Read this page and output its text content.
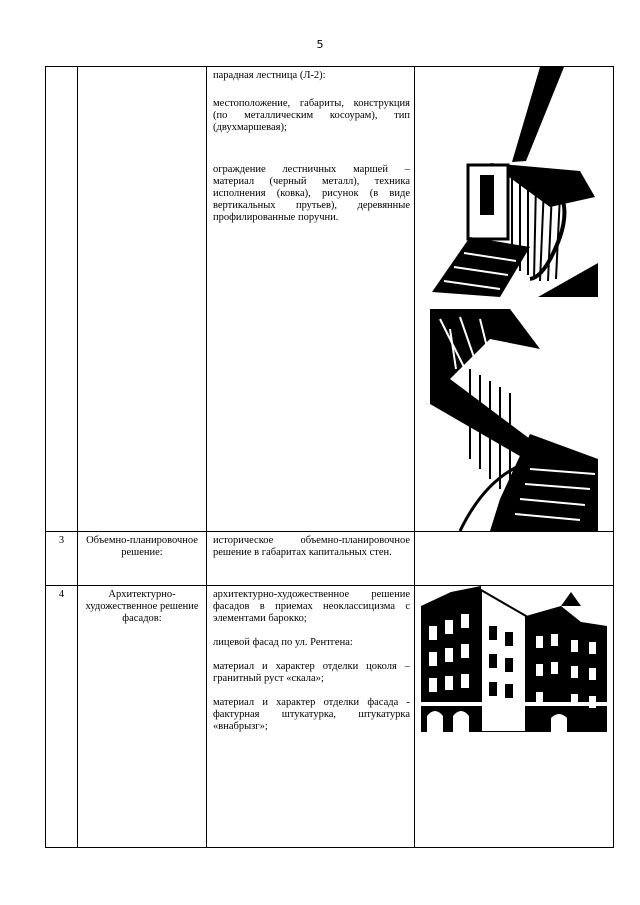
5

		парадная лестница (Л-2):

местоположение, габариты, конструкция (по металлическим косоурам), тип (двухмаршевая);

ограждение лестничных маршей – материал (черный металл), техника исполнения (ковка), рисунок (в виде вертикальных прутьев), деревянные профилированные поручни.

3	Объемно-планировочное решение:	историческое объемно-планировочное решение в габаритах капитальных стен.	

4	Архитектурно-художественное решение фасадов:	архитектурно-художественное решение фасадов в приемах неоклассицизма с элементами барокко;

лицевой фасад по ул. Рентгена:

материал и характер отделки цоколя – гранитный руст «скала»;

материал и характер отделки фасада - фактурная штукатурка, штукатурка «внабрызг»;
